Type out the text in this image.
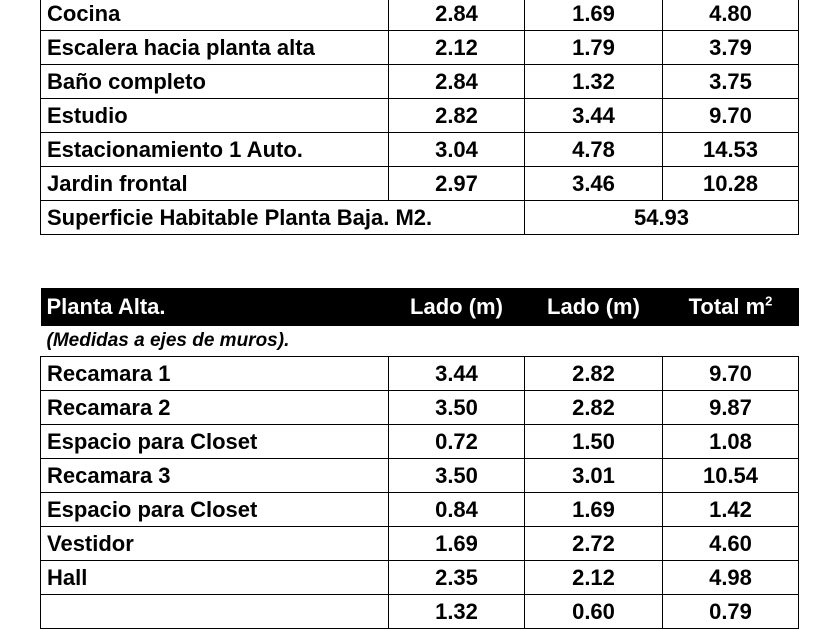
Cocina	2.84	1.69	4.80
Escalera hacia planta alta	2.12	1.79	3.79
Baño completo	2.84	1.32	3.75
Estudio	2.82	3.44	9.70
Estacionamiento 1 Auto.	3.04	4.78	14.53
Jardin frontal	2.97	3.46	10.28
Superficie Habitable Planta Baja. M2.		54.93	
Planta Alta.	Lado (m)	Lado (m)	Total $m^2$
(Medidas a ejes de muros).			
Recamara 1	3.44	2.82	9.70
Recamara 2	3.50	2.82	9.87
Espacio para Closet	0.72	1.50	1.08
Recamara 3	3.50	3.01	10.54
Espacio para Closet	0.84	1.69	1.42
Vestidor	1.69	2.72	4.60
Hall	2.35	2.12	4.98
	1.32	0.60	0.79
